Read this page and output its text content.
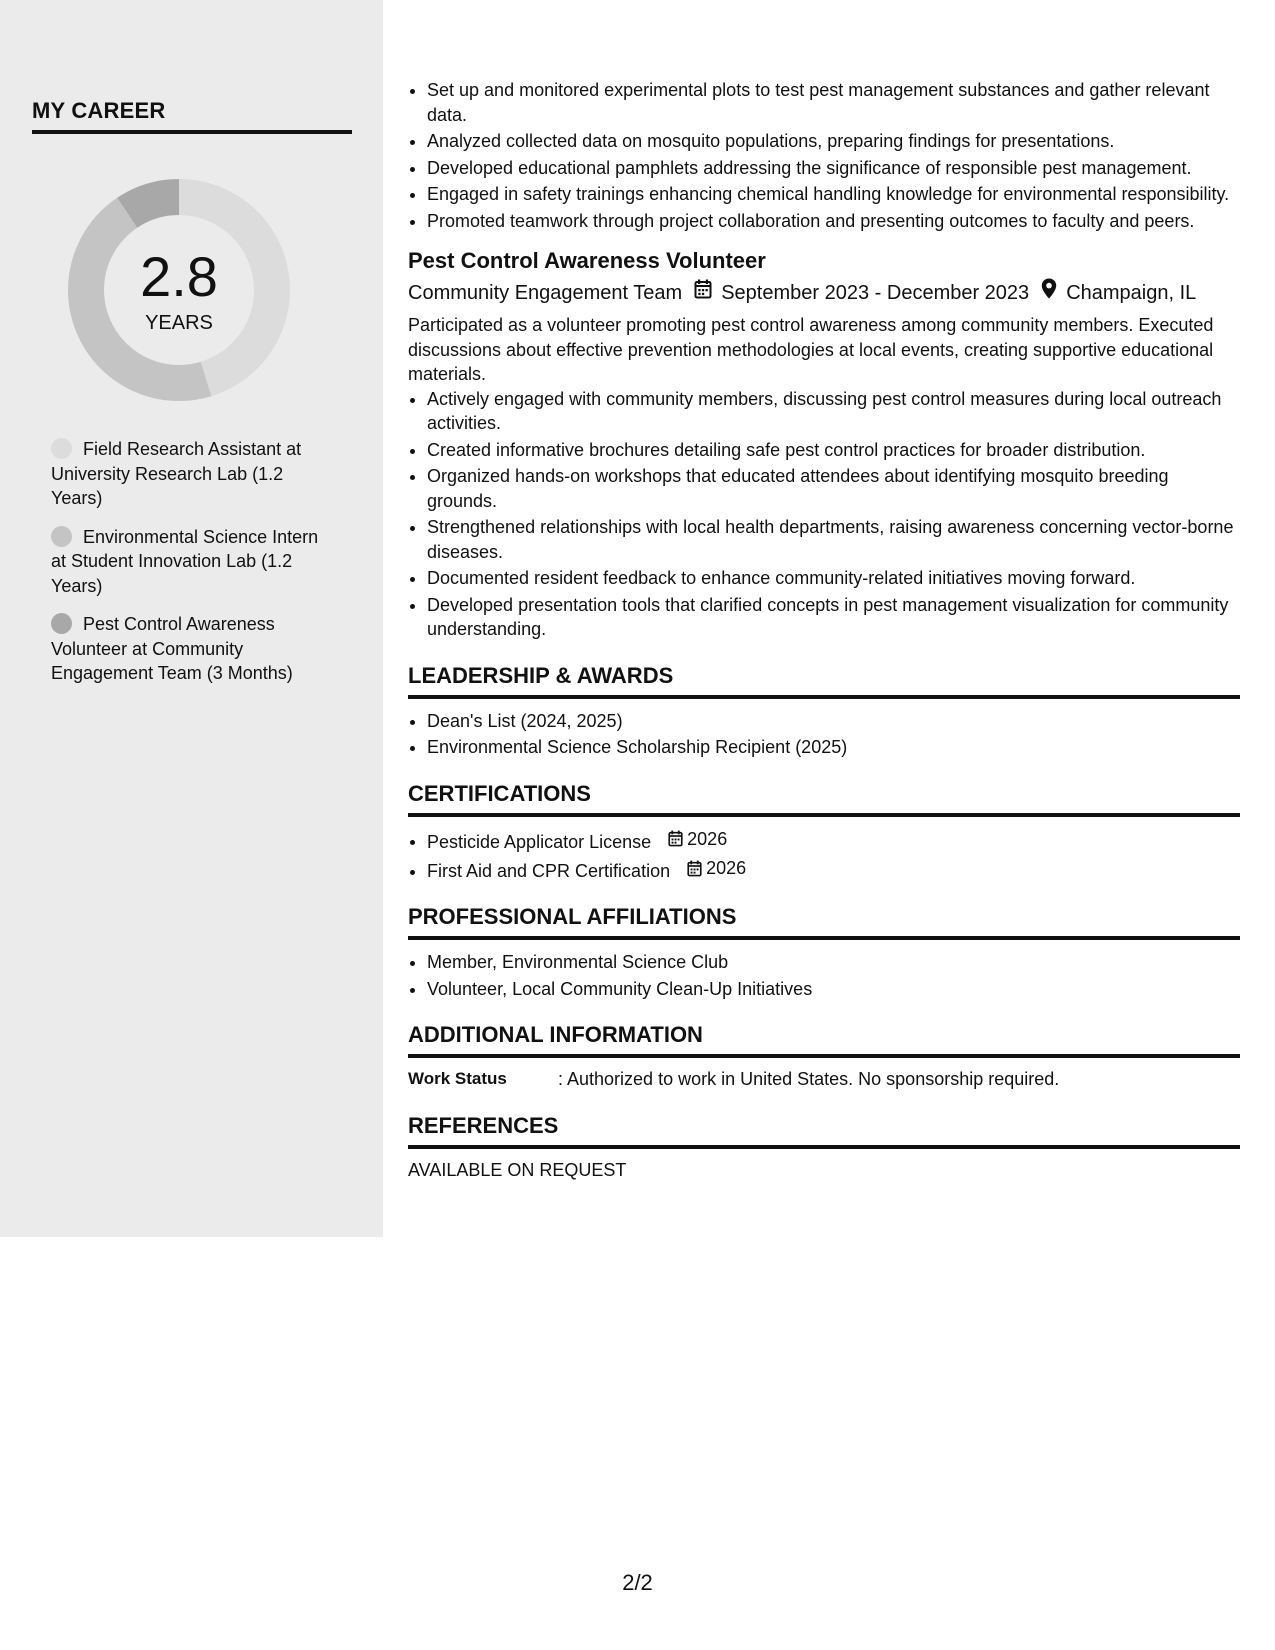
MY CAREER
2.8
YEARS
Field Research Assistant at University Research Lab (1.2 Years)
Environmental Science Intern at Student Innovation Lab (1.2 Years)
Pest Control Awareness Volunteer at Community Engagement Team (3 Months)
• Set up and monitored experimental plots to test pest management substances and gather relevant data.
• Analyzed collected data on mosquito populations, preparing findings for presentations.
• Developed educational pamphlets addressing the significance of responsible pest management.
• Engaged in safety trainings enhancing chemical handling knowledge for environmental responsibility.
• Promoted teamwork through project collaboration and presenting outcomes to faculty and peers.
Pest Control Awareness Volunteer
Community Engagement Team September 2023 - December 2023 Champaign, IL
Participated as a volunteer promoting pest control awareness among community members. Executed discussions about effective prevention methodologies at local events, creating supportive educational materials.
• Actively engaged with community members, discussing pest control measures during local outreach activities.
• Created informative brochures detailing safe pest control practices for broader distribution.
• Organized hands-on workshops that educated attendees about identifying mosquito breeding grounds.
• Strengthened relationships with local health departments, raising awareness concerning vector-borne diseases.
• Documented resident feedback to enhance community-related initiatives moving forward.
• Developed presentation tools that clarified concepts in pest management visualization for community understanding.
LEADERSHIP & AWARDS
• Dean's List (2024, 2025)
• Environmental Science Scholarship Recipient (2025)
CERTIFICATIONS
• Pesticide Applicator License 2026
• First Aid and CPR Certification 2026
PROFESSIONAL AFFILIATIONS
• Member, Environmental Science Club
• Volunteer, Local Community Clean-Up Initiatives
ADDITIONAL INFORMATION
Work Status	: Authorized to work in United States. No sponsorship required.
REFERENCES
AVAILABLE ON REQUEST
2/2
